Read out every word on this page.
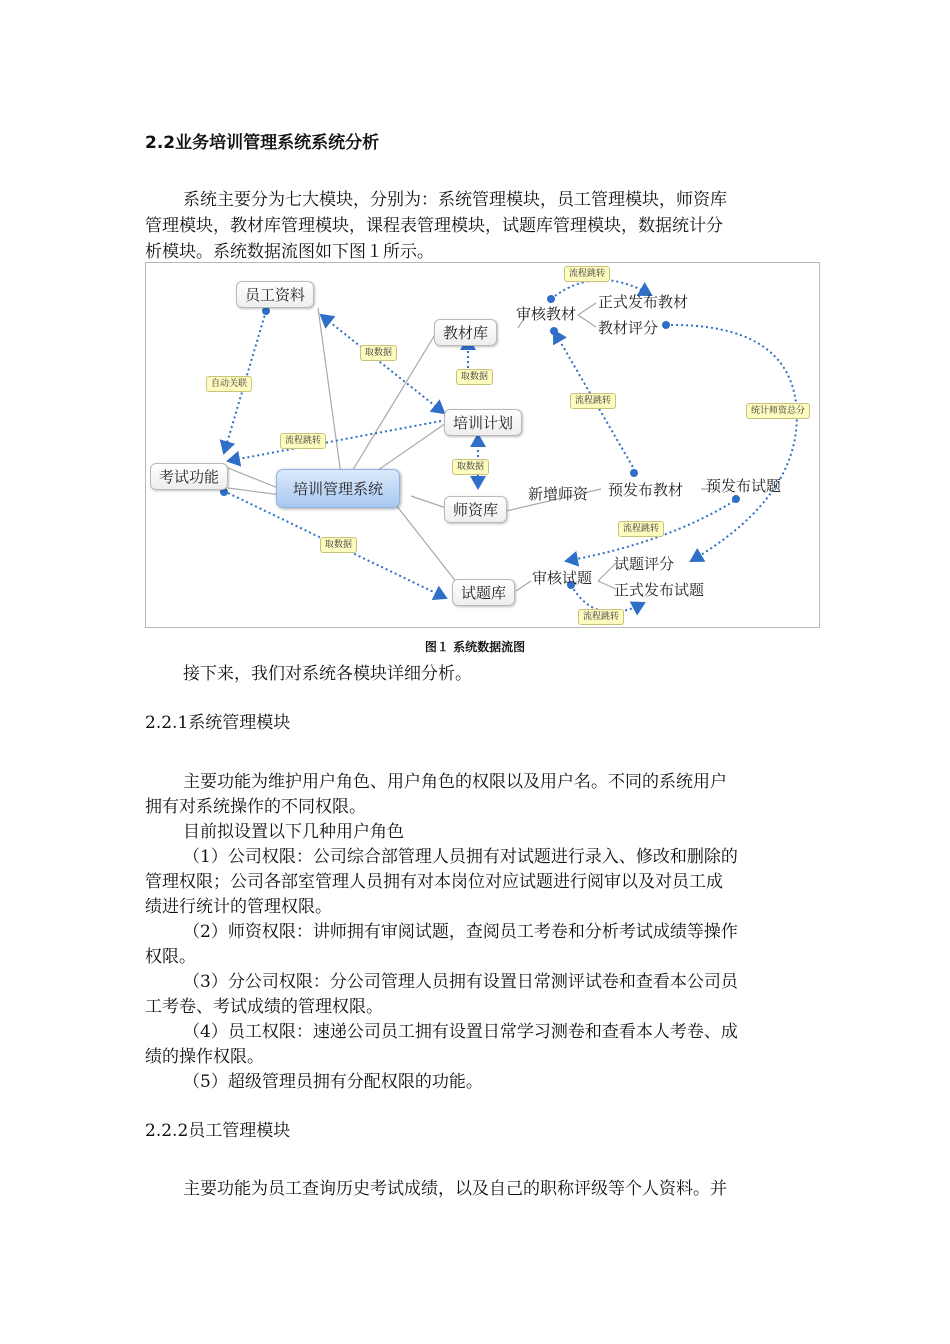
2.2业务培训管理系统系统分析
系统主要分为七大模块，分别为：系统管理模块，员工管理模块，师资库
管理模块，教材库管理模块，课程表管理模块，试题库管理模块，数据统计分
析模块。系统数据流图如下图１所示。
员工资料
考试功能
培训管理系统
教材库
培训计划
师资库
试题库
审核教材
正式发布教材
教材评分
新增师资 预发布教材 预发布试题
审核试题
试题评分
正式发布试题
自动关联
取数据
取数据
取数据
取数据
流程跳转
流程跳转
流程跳转
流程跳转
流程跳转
统计师资总分
图１ 系统数据流图
接下来，我们对系统各模块详细分析。
2.2.1系统管理模块
主要功能为维护用户角色、用户角色的权限以及用户名。不同的系统用户
拥有对系统操作的不同权限。
目前拟设置以下几种用户角色
（1）公司权限：公司综合部管理人员拥有对试题进行录入、修改和删除的
管理权限；公司各部室管理人员拥有对本岗位对应试题进行阅审以及对员工成
绩进行统计的管理权限。
（2）师资权限：讲师拥有审阅试题，查阅员工考卷和分析考试成绩等操作
权限。
（3）分公司权限：分公司管理人员拥有设置日常测评试卷和查看本公司员
工考卷、考试成绩的管理权限。
（4）员工权限：速递公司员工拥有设置日常学习测卷和查看本人考卷、成
绩的操作权限。
（5）超级管理员拥有分配权限的功能。
2.2.2员工管理模块
主要功能为员工查询历史考试成绩，以及自己的职称评级等个人资料。并
